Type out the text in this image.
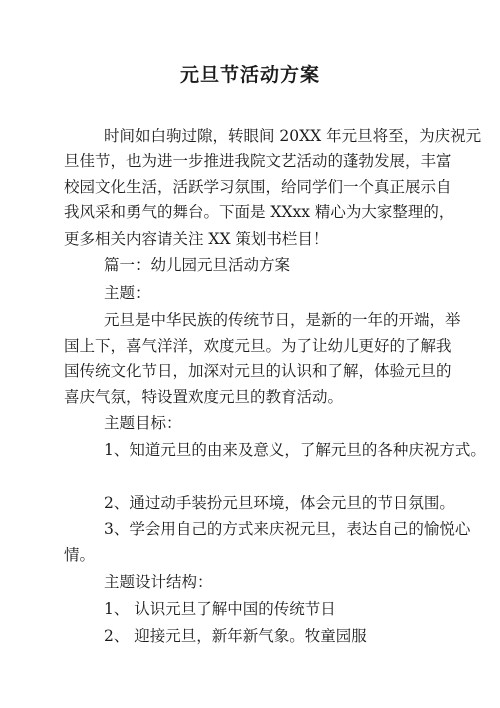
元旦节活动方案
时间如白驹过隙，转眼间 20XX 年元旦将至，为庆祝元
旦佳节，也为进一步推进我院文艺活动的蓬勃发展，丰富
校园文化生活，活跃学习氛围，给同学们一个真正展示自
我风采和勇气的舞台。下面是 XXxx 精心为大家整理的，
更多相关内容请关注 XX 策划书栏目！
篇一：幼儿园元旦活动方案
主题：
元旦是中华民族的传统节日，是新的一年的开端，举
国上下，喜气洋洋，欢度元旦。为了让幼儿更好的了解我
国传统文化节日，加深对元旦的认识和了解，体验元旦的
喜庆气氛，特设置欢度元旦的教育活动。
主题目标：
1、知道元旦的由来及意义，了解元旦的各种庆祝方式。
2、通过动手装扮元旦环境，体会元旦的节日氛围。
3、学会用自己的方式来庆祝元旦，表达自己的愉悦心
情。
主题设计结构：
1、 认识元旦了解中国的传统节日
2、 迎接元旦，新年新气象。牧童园服
